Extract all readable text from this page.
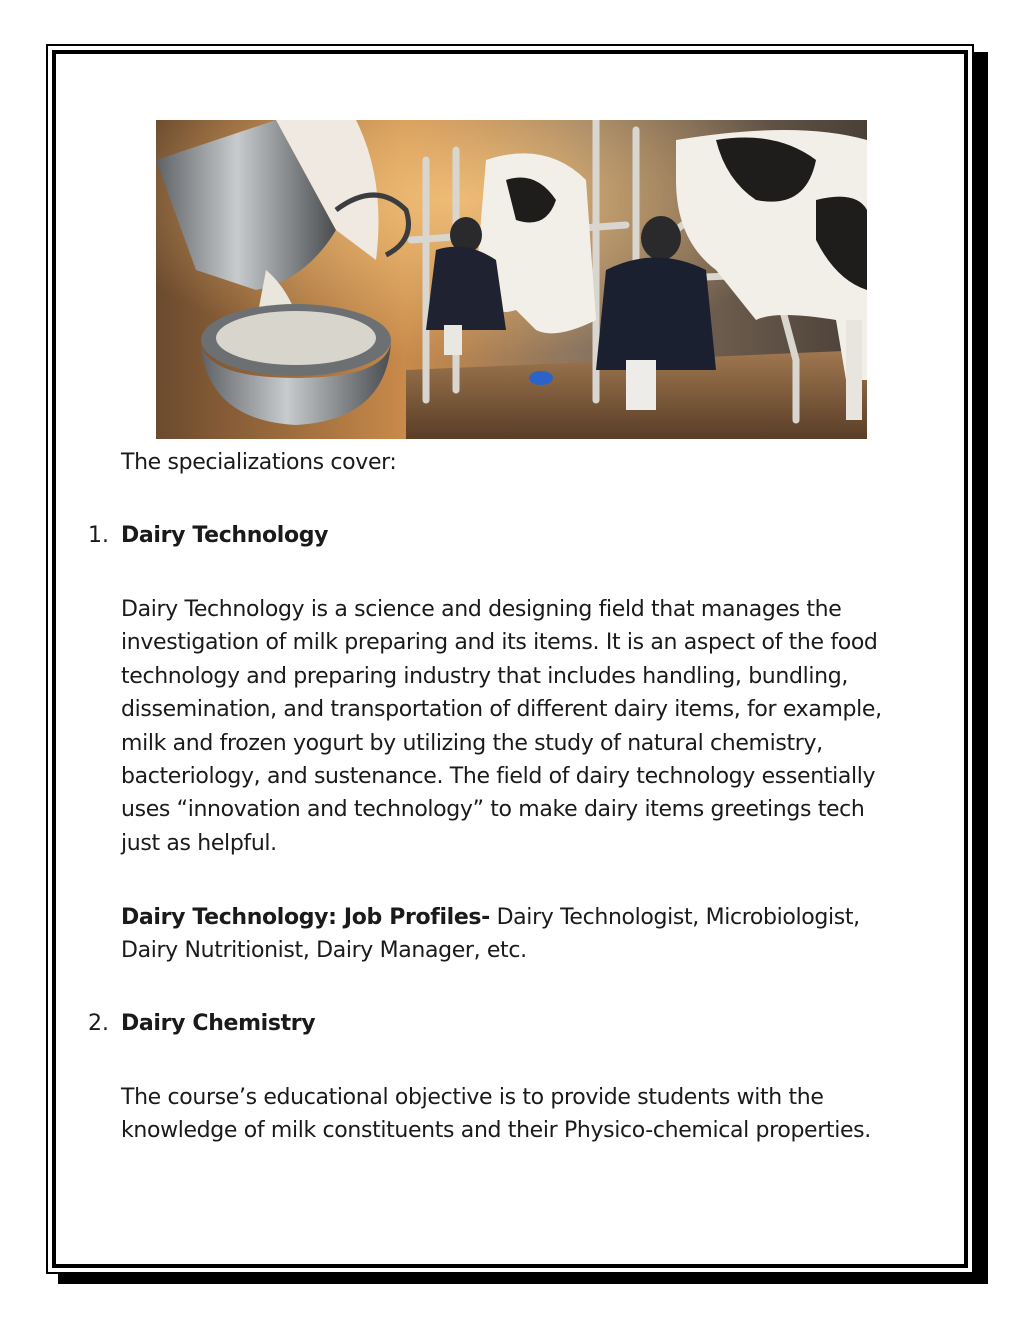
The specializations cover:
1. Dairy Technology
Dairy Technology is a science and designing field that manages the
investigation of milk preparing and its items. It is an aspect of the food
technology and preparing industry that includes handling, bundling,
dissemination, and transportation of different dairy items, for example,
milk and frozen yogurt by utilizing the study of natural chemistry,
bacteriology, and sustenance. The field of dairy technology essentially
uses “innovation and technology” to make dairy items greetings tech
just as helpful.
Dairy Technology: Job Profiles- Dairy Technologist, Microbiologist,
Dairy Nutritionist, Dairy Manager, etc.
2. Dairy Chemistry
The course’s educational objective is to provide students with the
knowledge of milk constituents and their Physico-chemical properties.
